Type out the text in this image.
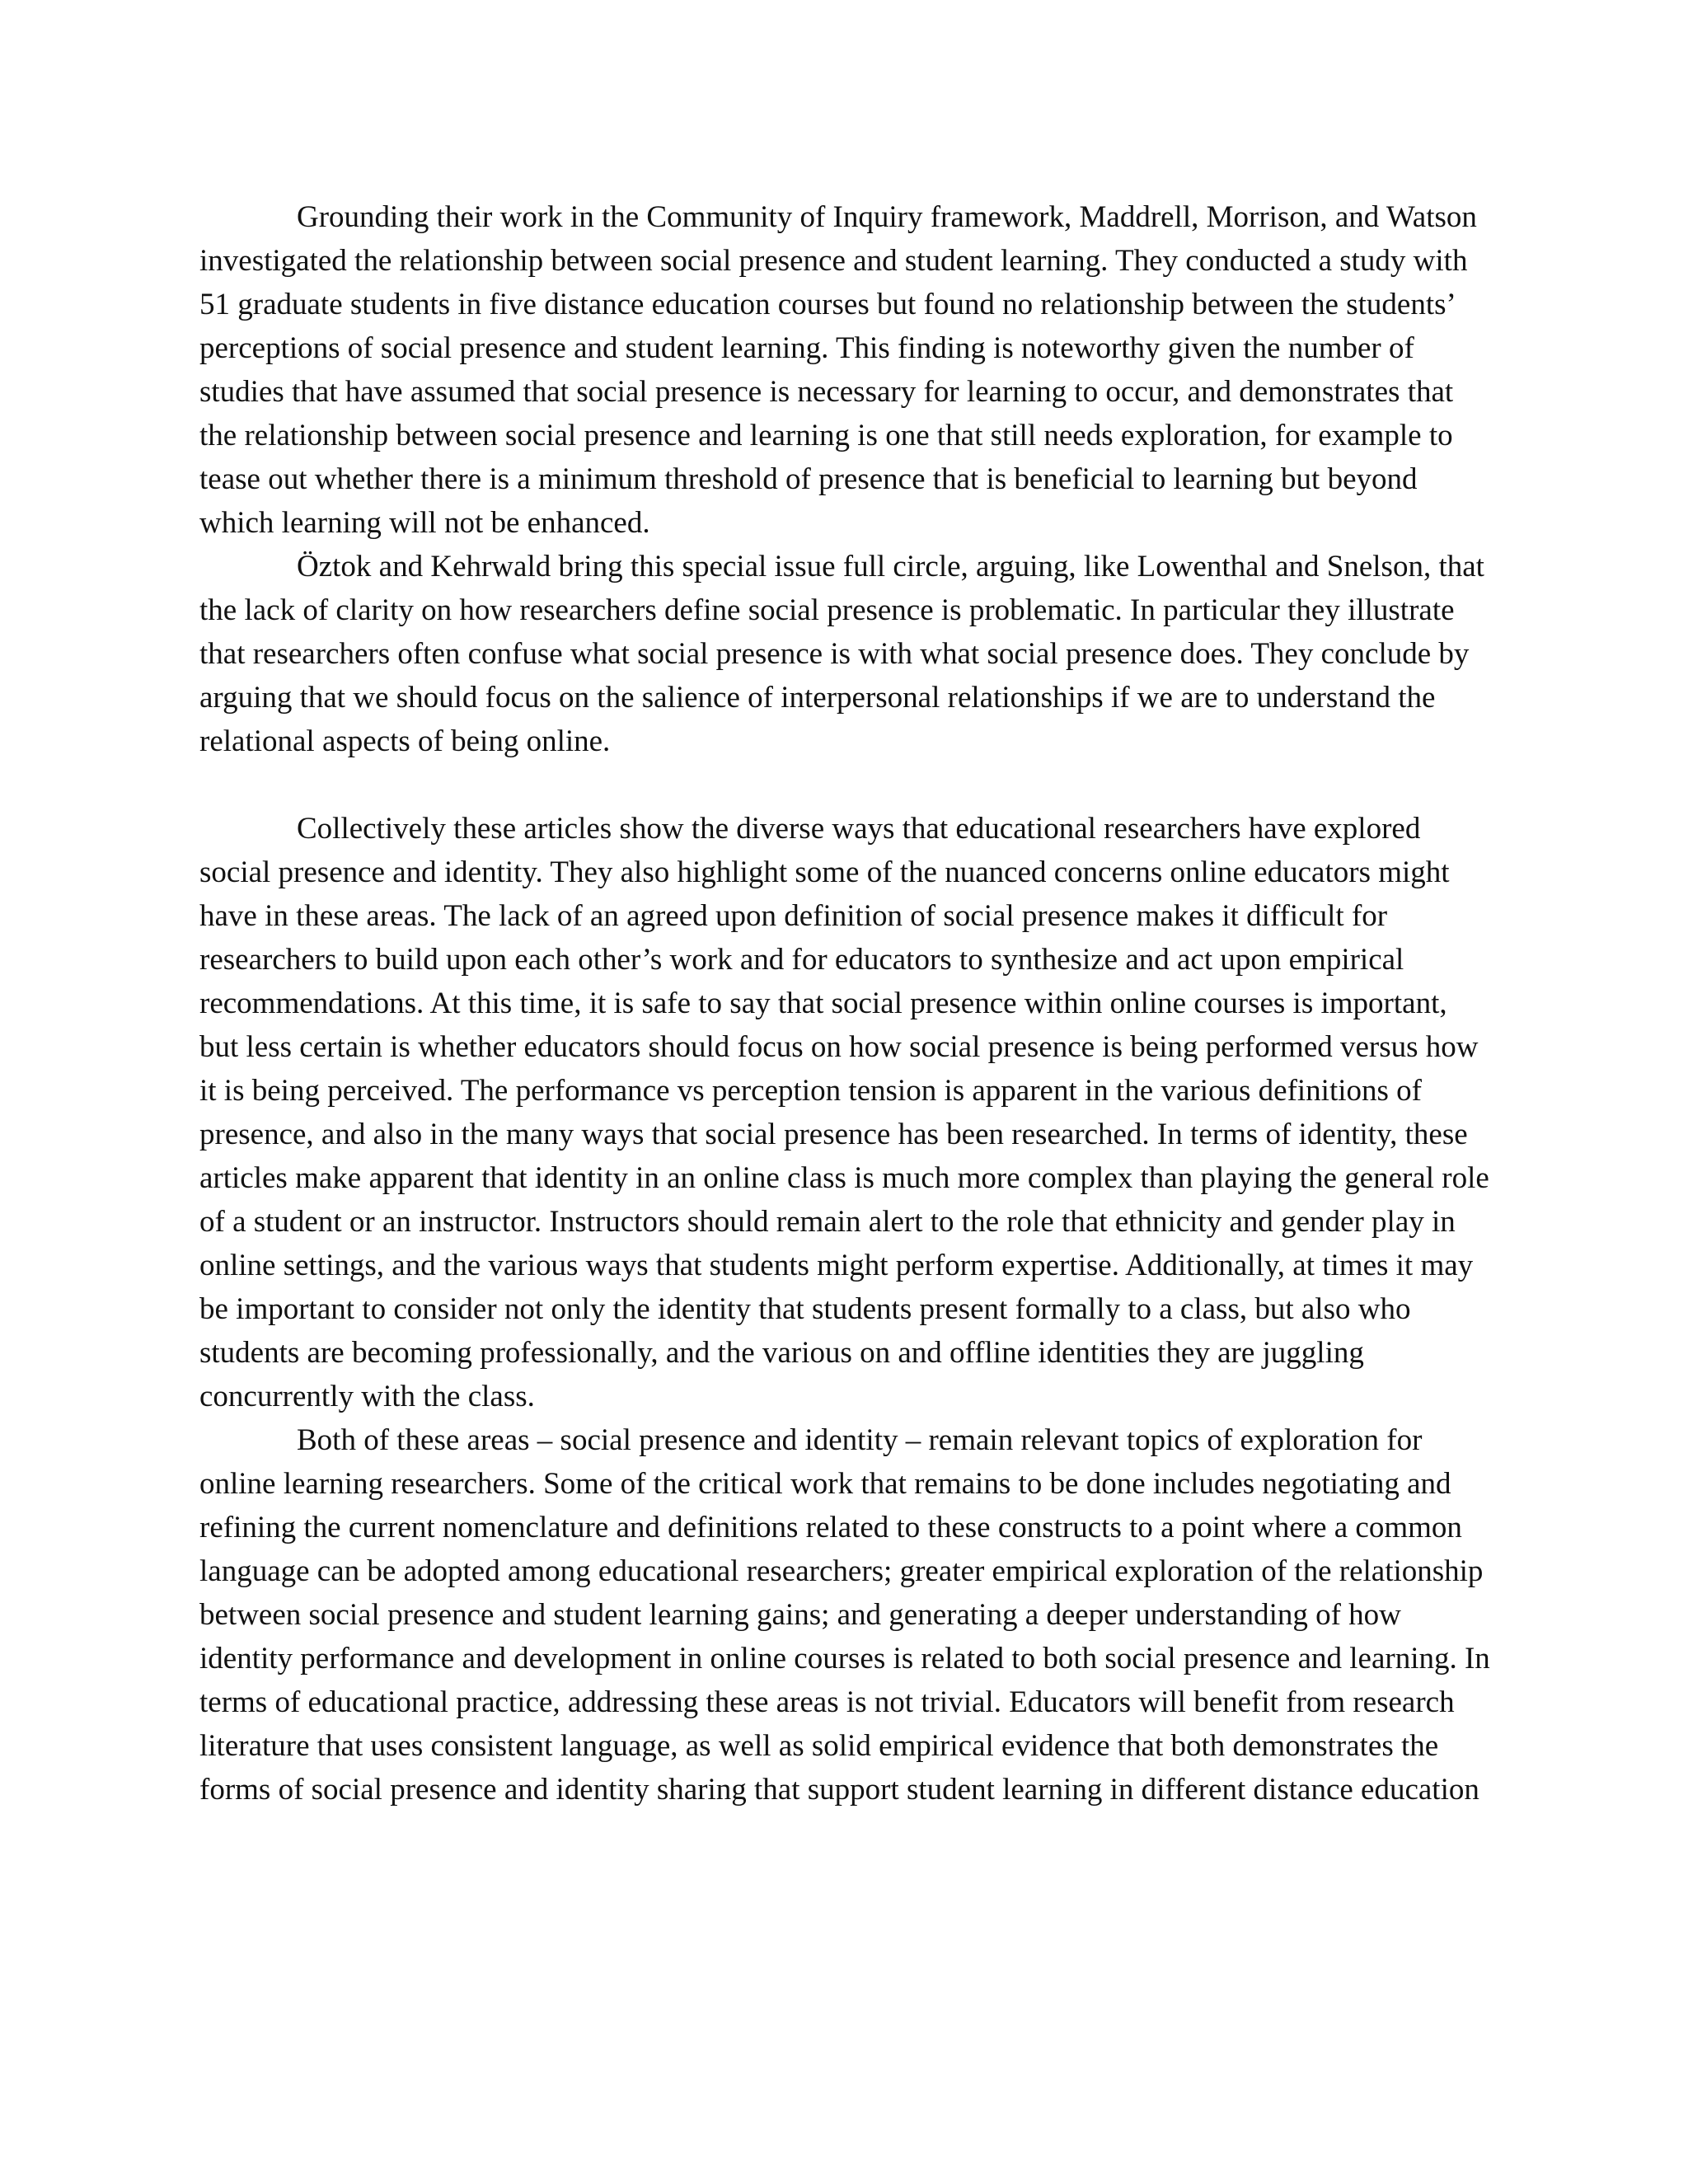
Grounding their work in the Community of Inquiry framework, Maddrell, Morrison, and Watson investigated the relationship between social presence and student learning. They conducted a study with 51 graduate students in five distance education courses but found no relationship between the students’ perceptions of social presence and student learning. This finding is noteworthy given the number of studies that have assumed that social presence is necessary for learning to occur, and demonstrates that the relationship between social presence and learning is one that still needs exploration, for example to tease out whether there is a minimum threshold of presence that is beneficial to learning but beyond which learning will not be enhanced.

Öztok and Kehrwald bring this special issue full circle, arguing, like Lowenthal and Snelson, that the lack of clarity on how researchers define social presence is problematic. In particular they illustrate that researchers often confuse what social presence is with what social presence does. They conclude by arguing that we should focus on the salience of interpersonal relationships if we are to understand the relational aspects of being online.

Collectively these articles show the diverse ways that educational researchers have explored social presence and identity. They also highlight some of the nuanced concerns online educators might have in these areas. The lack of an agreed upon definition of social presence makes it difficult for researchers to build upon each other’s work and for educators to synthesize and act upon empirical recommendations. At this time, it is safe to say that social presence within online courses is important, but less certain is whether educators should focus on how social presence is being performed versus how it is being perceived. The performance vs perception tension is apparent in the various definitions of presence, and also in the many ways that social presence has been researched. In terms of identity, these articles make apparent that identity in an online class is much more complex than playing the general role of a student or an instructor. Instructors should remain alert to the role that ethnicity and gender play in online settings, and the various ways that students might perform expertise. Additionally, at times it may be important to consider not only the identity that students present formally to a class, but also who students are becoming professionally, and the various on and offline identities they are juggling concurrently with the class.

Both of these areas – social presence and identity – remain relevant topics of exploration for online learning researchers. Some of the critical work that remains to be done includes negotiating and refining the current nomenclature and definitions related to these constructs to a point where a common language can be adopted among educational researchers; greater empirical exploration of the relationship between social presence and student learning gains; and generating a deeper understanding of how identity performance and development in online courses is related to both social presence and learning. In terms of educational practice, addressing these areas is not trivial. Educators will benefit from research literature that uses consistent language, as well as solid empirical evidence that both demonstrates the forms of social presence and identity sharing that support student learning in different distance education
